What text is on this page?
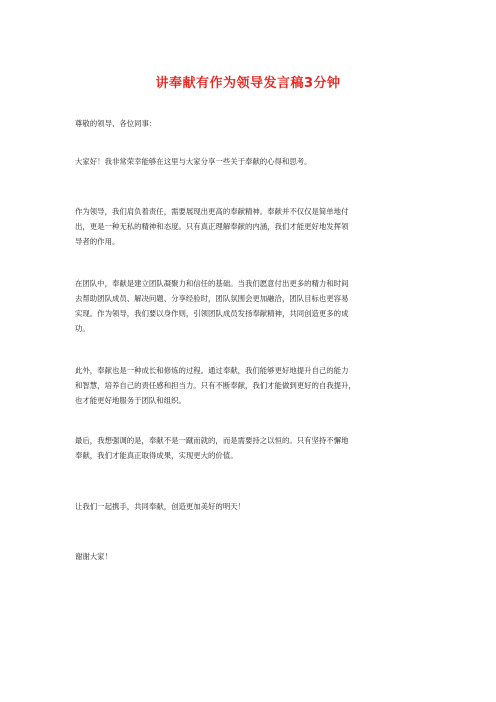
讲奉献有作为领导发言稿3分钟

尊敬的领导、各位同事：

大家好！我非常荣幸能够在这里与大家分享一些关于奉献的心得和思考。

作为领导，我们肩负着责任，需要展现出更高的奉献精神。奉献并不仅仅是简单地付
出，更是一种无私的精神和态度。只有真正理解奉献的内涵，我们才能更好地发挥领
导者的作用。

在团队中，奉献是建立团队凝聚力和信任的基础。当我们愿意付出更多的精力和时间
去帮助团队成员、解决问题、分享经验时，团队氛围会更加融洽，团队目标也更容易
实现。作为领导，我们要以身作则，引领团队成员发扬奉献精神，共同创造更多的成
功。

此外，奉献也是一种成长和修炼的过程。通过奉献，我们能够更好地提升自己的能力
和智慧，培养自己的责任感和担当力。只有不断奉献，我们才能做到更好的自我提升，
也才能更好地服务于团队和组织。

最后，我想强调的是，奉献不是一蹴而就的，而是需要持之以恒的。只有坚持不懈地
奉献，我们才能真正取得成果，实现更大的价值。

让我们一起携手，共同奉献，创造更加美好的明天！

谢谢大家！
